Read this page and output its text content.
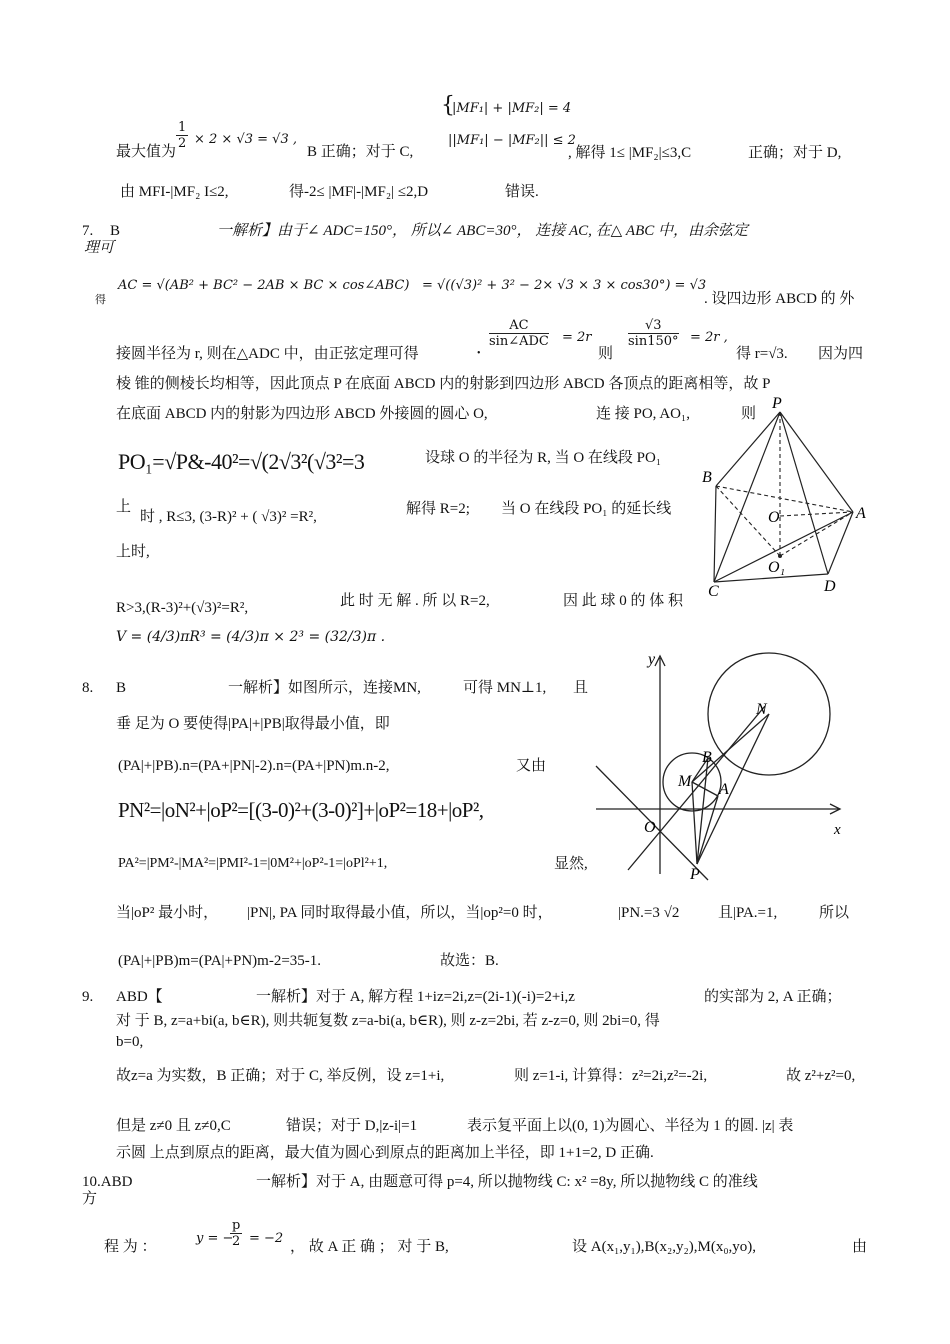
最大值为
$\frac{1}{2} \times 2 \times √3 = √3$ ,
B 正确；对于 C,
{
|MF₁| + |MF₂| = 4
||MF₁| − |MF₂|| ≤ 2
, 解得 1≤ |MF₂|≤3,C	正确；对于 D,
由 MFI-|MF₂ I≤2,	得-2≤ |MF|-|MF₂| ≤2,D	错误.
7. B	一解析】由于∠ ADC=150°， 所以∠ ABC=30°， 连接 AC, 在△ ABC 中，由余弦定
理可
得
AC = √(AB² + BC² − 2AB × BC × cos∠ABC) = √((√3)² + 3² − 2× √3 × 3 × cos30°) = √3
. 设四边形 ABCD 的 外
接圆半径为 r, 则在△ADC 中，由正弦定理可得	•
AC
sin∠ADC = 2r
则
$\frac{√3}{\sin 150^\circ} = 2r$ ,
得 r=√3. 因为四
棱 锥的侧棱长均相等，因此顶点 P 在底面 ABCD 内的射影到四边形 ABCD 各顶点的距离相等，故 P
在底面 ABCD 内的射影为四边形 ABCD 外接圆的圆心 O,	连 接 PO, AO₁,	则
PO₁=√P&-40²=√(2√3²(√3²=3	设球 O 的半径为 R, 当 O 在线段 PO₁
上
时 , R≤3, (3-R)² + ( √3)² =R²,	解得 R=2; 当 O 在线段 PO₁ 的延长线
上时,
R>3,(R-3)²+(√3)²=R²,	此 时 无 解 . 所 以 R=2,	因 此 球 0 的 体 积
V = (4/3)πR³ = (4/3)π × 2³ = (32/3)π .
P
B
O	A
O₁
C	D
8. B	一解析】如图所示，连接MN,	可得 MN⊥1, 且
垂 足为 O 要使得|PA|+|PB|取得最小值，即
(PA|+|PB).n=(PA+|PN|-2).n=(PA+|PN)m.n-2,	又由
PN²=|oN²+|oP²=[(3-0)²+(3-0)²]+|oP²=18+|oP²,
PA²=|PM²-|MA²=|PMI²-1=|0M²+|oP²-1=|oPl²+1,	显然,
当|oP² 最小时， |PN|, PA 同时取得最小值，所以，当|op²=0 时，	|PN.=3 √2	且|PA.=1,	所以
(PA|+|PB)m=(PA|+PN)m-2=35-1.	故选：B.
y
N
B
M A
O	x
P
9. ABD【	一解析】对于 A, 解方程 1+iz=2i,z=(2i-1)(-i)=2+i,z	的实部为 2, A 正确；
对 于 B, z=a+bi(a, b∈R), 则共轭复数 z=a-bi(a, b∈R), 则 z-z=2bi, 若 z-z=0, 则 2bi=0, 得
b=0,
故z=a 为实数，B 正确；对于 C, 举反例，设 z=1+i,	则 z=1-i, 计算得：z²=2i,z²=-2i,	故 z²+z²=0,
但是 z≠0 且 z≠0,C	错误；对于 D,|z-i|=1	表示复平面上以(0, 1)为圆心、半径为 1 的圆. |z| 表
示圆 上点到原点的距离，最大值为圆心到原点的距离加上半径，即 1+1=2, D 正确.
10.ABD	一解析】对于 A, 由题意可得 p=4, 所以抛物线 C: x² =8y, 所以抛物线 C 的准线
方
程 为 ：
y = −
$\frac{p}{2} = -2$
， 故 A 正 确 ； 对 于 B,	设 A(x₁,y₁),B(x₂,y₂),M(x₀,yo),	由
